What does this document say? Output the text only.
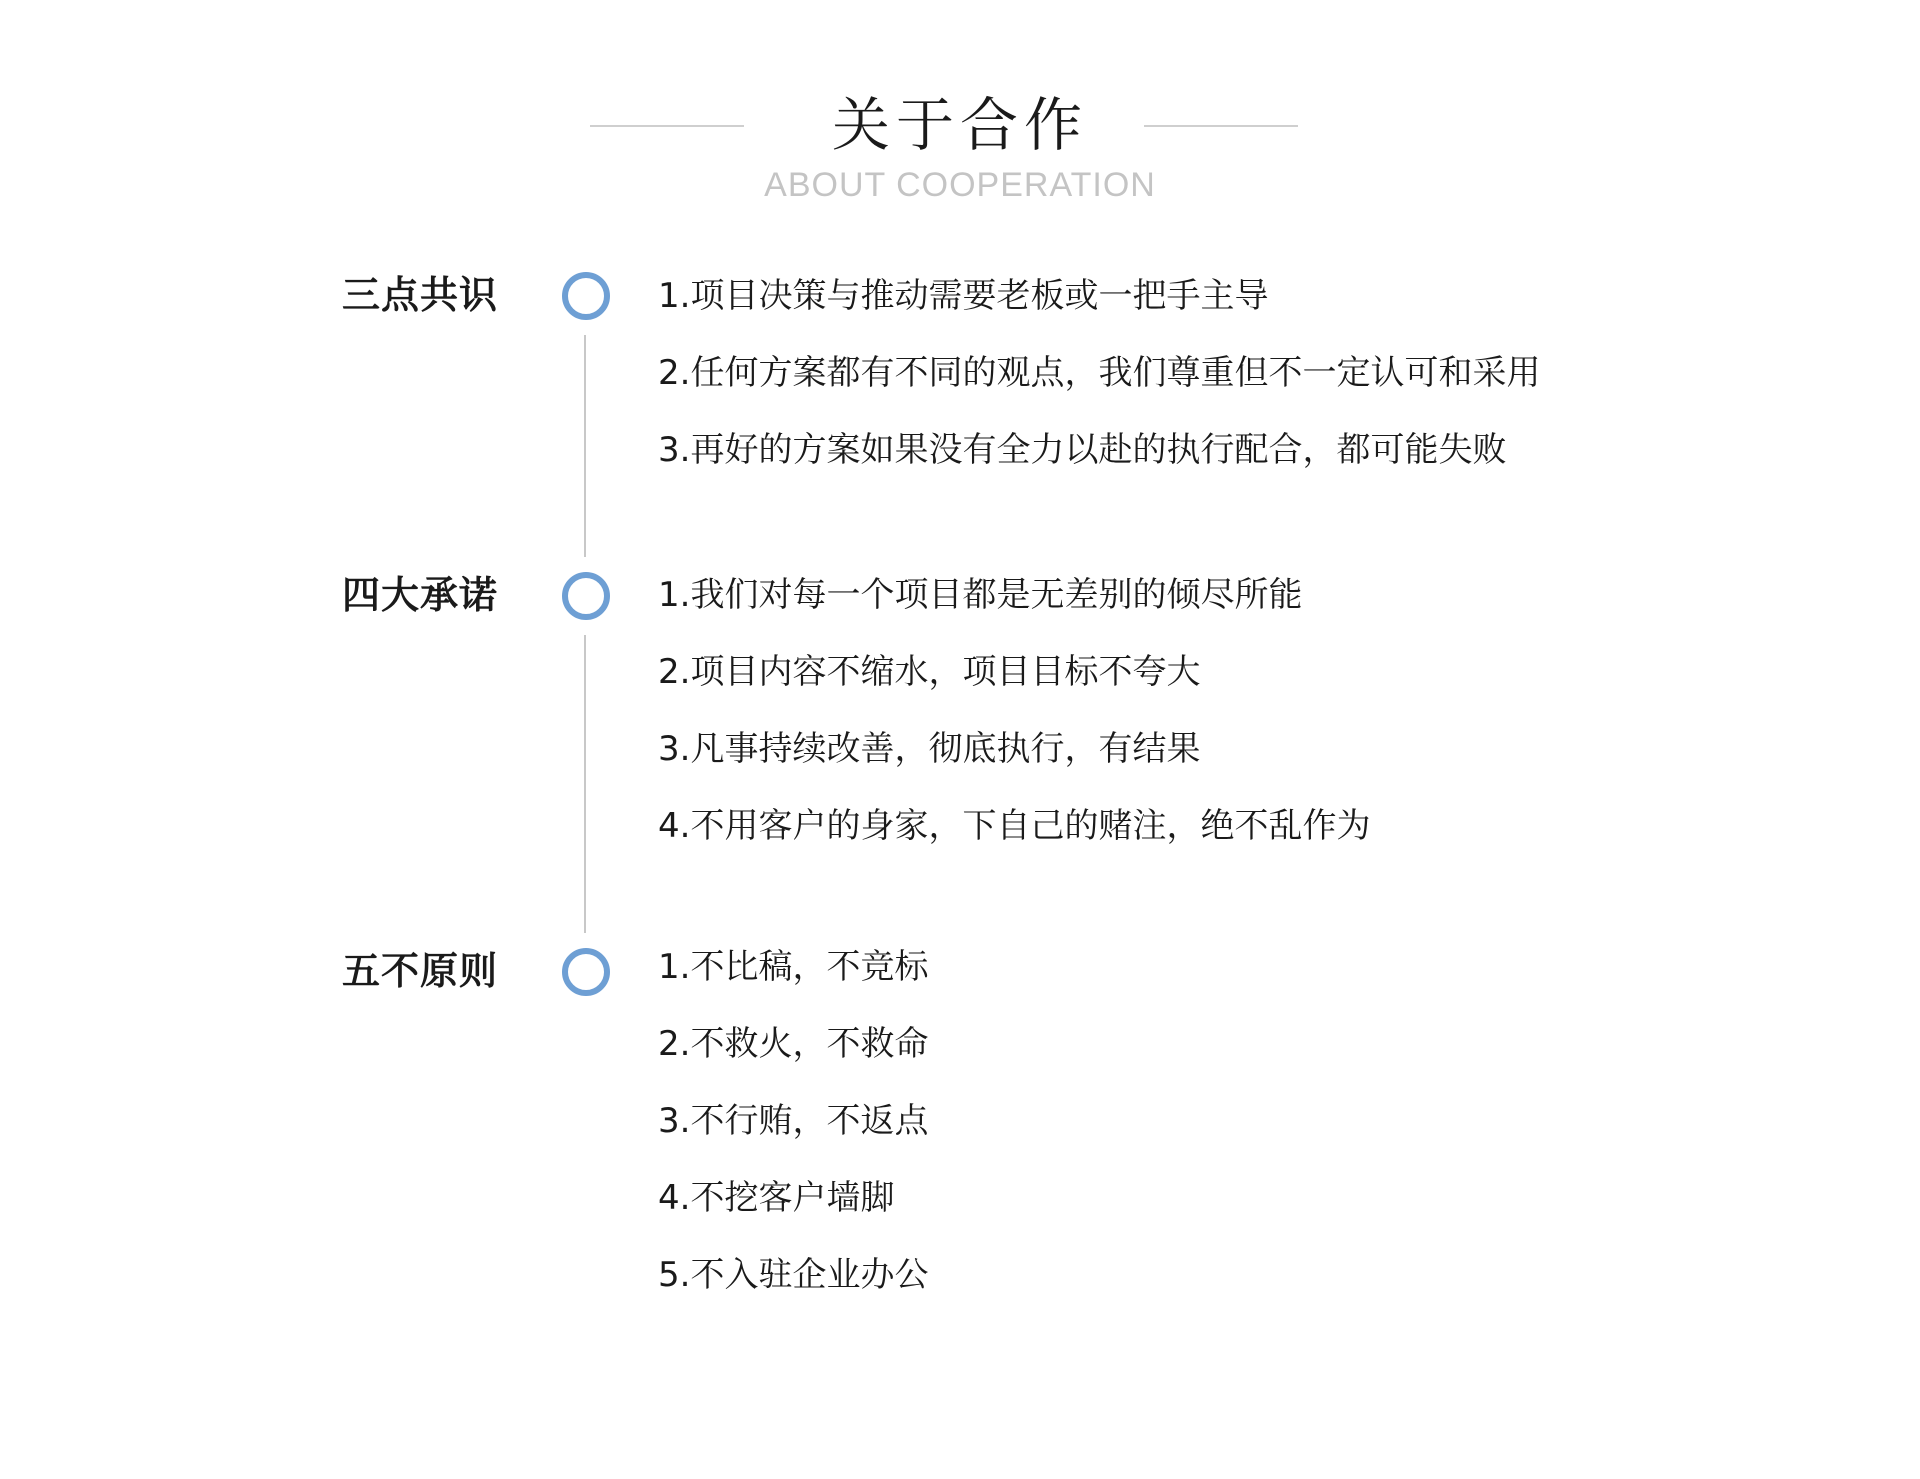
关于合作
ABOUT COOPERATION
三点共识	1.项目决策与推动需要老板或一把手主导
2.任何方案都有不同的观点，我们尊重但不一定认可和采用
3.再好的方案如果没有全力以赴的执行配合，都可能失败
四大承诺	1.我们对每一个项目都是无差别的倾尽所能
2.项目内容不缩水，项目目标不夸大
3.凡事持续改善，彻底执行，有结果
4.不用客户的身家，下自己的赌注，绝不乱作为
五不原则	1.不比稿，不竞标
2.不救火，不救命
3.不行贿，不返点
4.不挖客户墙脚
5.不入驻企业办公
